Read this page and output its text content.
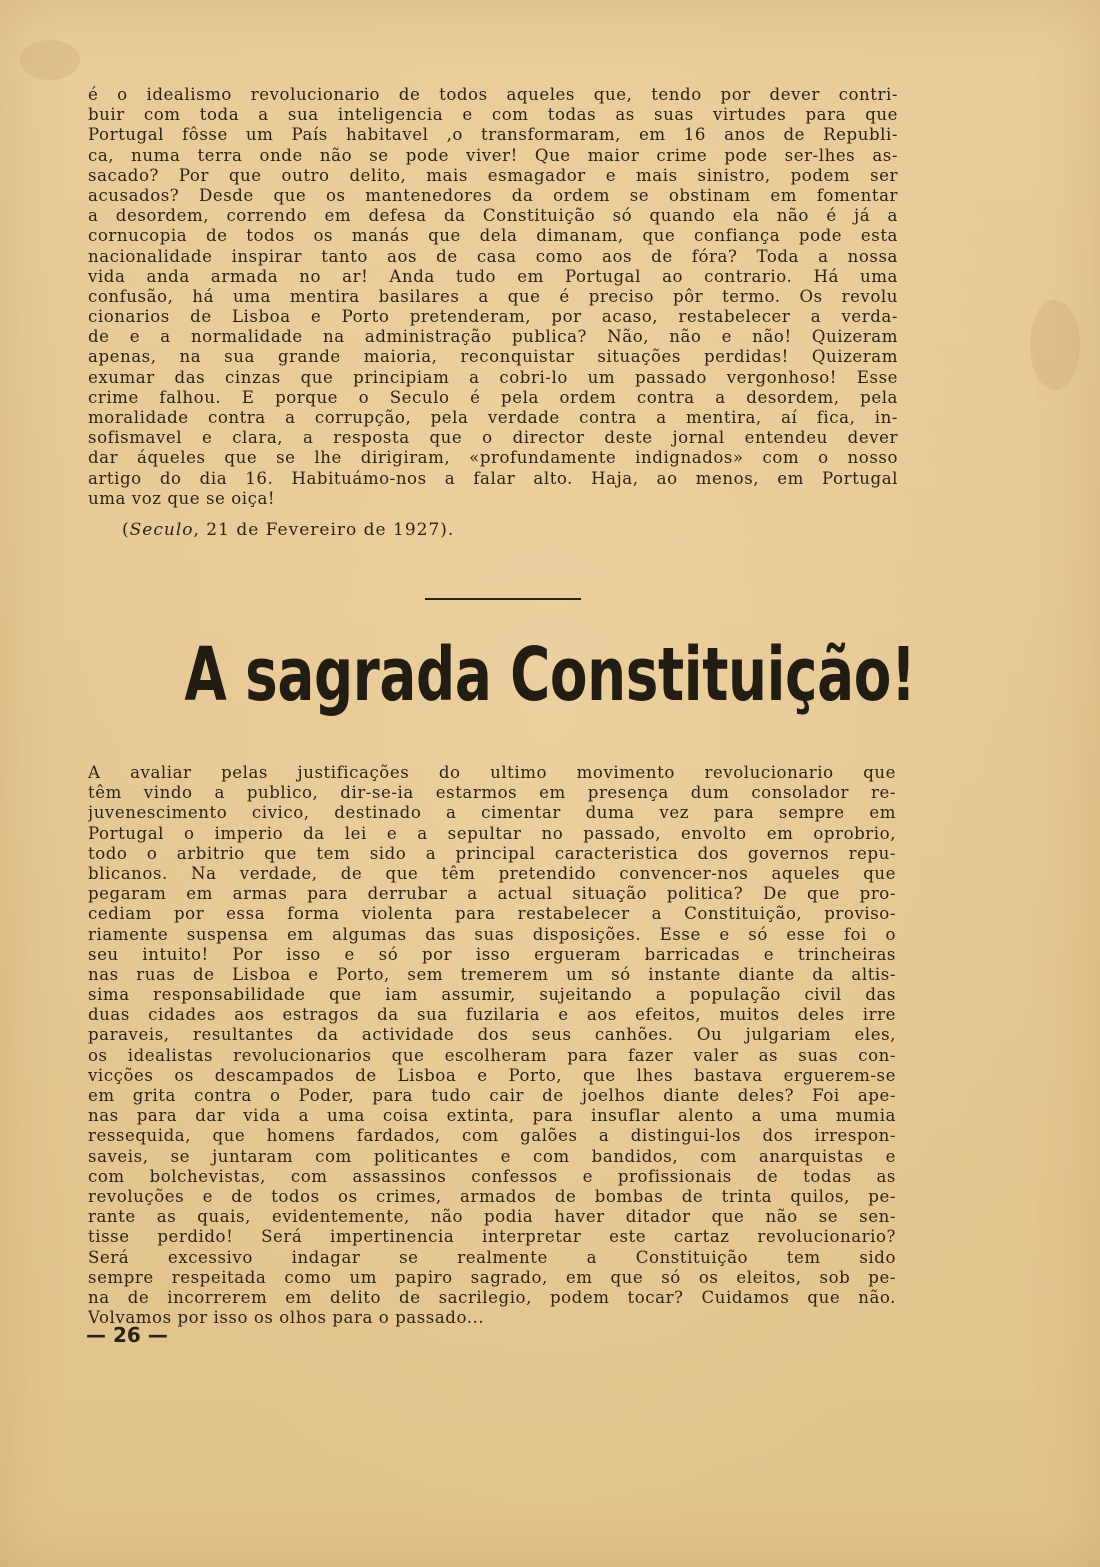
é o idealismo revolucionario de todos aqueles que, tendo por dever contri-
buir com toda a sua inteligencia e com todas as suas virtudes para que
Portugal fôsse um País habitavel ,o transformaram, em 16 anos de Republi-
ca, numa terra onde não se pode viver! Que maior crime pode ser-lhes as-
sacado? Por que outro delito, mais esmagador e mais sinistro, podem ser
acusados? Desde que os mantenedores da ordem se obstinam em fomentar
a desordem, correndo em defesa da Constituição só quando ela não é já a
cornucopia de todos os manás que dela dimanam, que confiança pode esta
nacionalidade inspirar tanto aos de casa como aos de fóra? Toda a nossa
vida anda armada no ar! Anda tudo em Portugal ao contrario. Há uma
confusão, há uma mentira basilares a que é preciso pôr termo. Os revolu
cionarios de Lisboa e Porto pretenderam, por acaso, restabelecer a verda-
de e a normalidade na administração publica? Não, não e não! Quizeram
apenas, na sua grande maioria, reconquistar situações perdidas! Quizeram
exumar das cinzas que principiam a cobri-lo um passado vergonhoso! Esse
crime falhou. E porque o Seculo é pela ordem contra a desordem, pela
moralidade contra a corrupção, pela verdade contra a mentira, aí fica, in-
sofismavel e clara, a resposta que o director deste jornal entendeu dever
dar áqueles que se lhe dirigiram, «profundamente indignados» com o nosso
artigo do dia 16. Habituámo-nos a falar alto. Haja, ao menos, em Portugal
uma voz que se oiça!
(Seculo, 21 de Fevereiro de 1927).
A sagrada Constituição!
A avaliar pelas justificações do ultimo movimento revolucionario que
têm vindo a publico, dir-se-ia estarmos em presença dum consolador re-
juvenescimento civico, destinado a cimentar duma vez para sempre em
Portugal o imperio da lei e a sepultar no passado, envolto em oprobrio,
todo o arbitrio que tem sido a principal caracteristica dos governos repu-
blicanos. Na verdade, de que têm pretendido convencer-nos aqueles que
pegaram em armas para derrubar a actual situação politica? De que pro-
cediam por essa forma violenta para restabelecer a Constituição, proviso-
riamente suspensa em algumas das suas disposições. Esse e só esse foi o
seu intuito! Por isso e só por isso ergueram barricadas e trincheiras
nas ruas de Lisboa e Porto, sem tremerem um só instante diante da altis-
sima responsabilidade que iam assumir, sujeitando a população civil das
duas cidades aos estragos da sua fuzilaria e aos efeitos, muitos deles irre
paraveis, resultantes da actividade dos seus canhões. Ou julgariam eles,
os idealistas revolucionarios que escolheram para fazer valer as suas con-
vicções os descampados de Lisboa e Porto, que lhes bastava erguerem-se
em grita contra o Poder, para tudo cair de joelhos diante deles? Foi ape-
nas para dar vida a uma coisa extinta, para insuflar alento a uma mumia
ressequida, que homens fardados, com galões a distingui-los dos irrespon-
saveis, se juntaram com politicantes e com bandidos, com anarquistas e
com bolchevistas, com assassinos confessos e profissionais de todas as
revoluções e de todos os crimes, armados de bombas de trinta quilos, pe-
rante as quais, evidentemente, não podia haver ditador que não se sen-
tisse perdido! Será impertinencia interpretar este cartaz revolucionario?
Será excessivo indagar se realmente a Constituição tem sido
sempre respeitada como um papiro sagrado, em que só os eleitos, sob pe-
na de incorrerem em delito de sacrilegio, podem tocar? Cuidamos que não.
Volvamos por isso os olhos para o passado...
— 26 —
